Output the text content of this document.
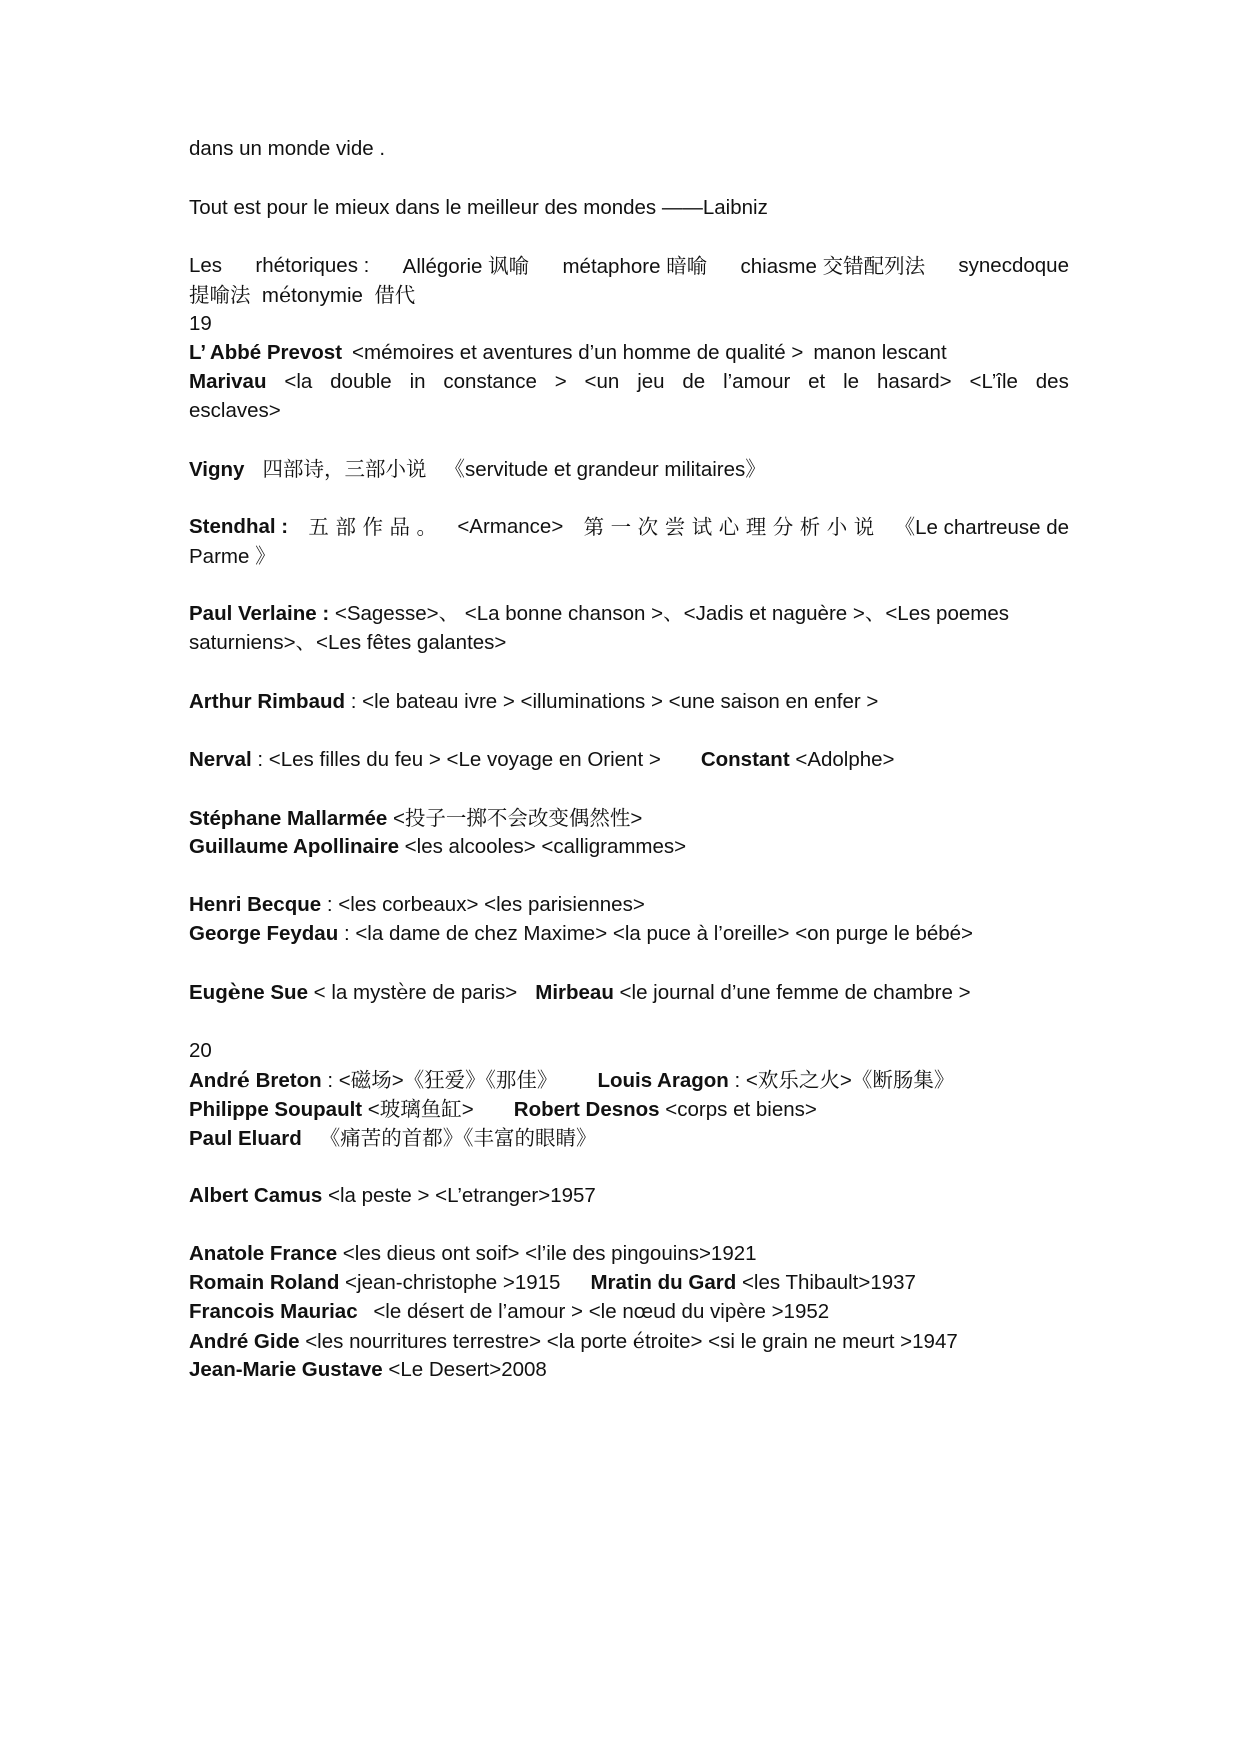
dans un monde vide .
Tout est pour le mieux dans le meilleur des mondes ——Laibniz
Les rhétoriques : Allégorie 讽喻 métaphore 暗喻 chiasme 交错配列法 synecdoque
提喻法 métonymie 借代
19
L’ Abbé Prevost <mémoires et aventures d’un homme de qualité > manon lescant
Marivau <la double in constance > <un jeu de l’amour et le hasard> <L’île des
esclaves>
Vigny 四部诗，三部小说 《servitude et grandeur militaires》
Stendhal : 五 部 作 品 。 <Armance> 第 一 次 尝 试 心 理 分 析 小 说 《Le chartreuse de
Parme 》
Paul Verlaine : <Sagesse>、 <La bonne chanson >、<Jadis et naguère >、<Les poemes
saturniens>、<Les fêtes galantes>
Arthur Rimbaud : <le bateau ivre > <illuminations > <une saison en enfer >
Nerval : <Les filles du feu > <Le voyage en Orient > Constant <Adolphe>
Stéphane Mallarmée <投子一掷不会改变偶然性>
Guillaume Apollinaire <les alcooles> <calligrammes>
Henri Becque : <les corbeaux> <les parisiennes>
George Feydau : <la dame de chez Maxime> <la puce à l’oreille> <on purge le bébé>
Eugène Sue < la mystère de paris> Mirbeau <le journal d’une femme de chambre >
20
André Breton : <磁场>《狂爱》《那佳》 Louis Aragon : <欢乐之火>《断肠集》
Philippe Soupault <玻璃鱼缸> Robert Desnos <corps et biens>
Paul Eluard 《痛苦的首都》《丰富的眼睛》
Albert Camus <la peste > <L’etranger>1957
Anatole France <les dieus ont soif> <l’ile des pingouins>1921
Romain Roland <jean-christophe >1915 Mratin du Gard <les Thibault>1937
Francois Mauriac <le désert de l’amour > <le nœud du vipère >1952
André Gide <les nourritures terrestre> <la porte étroite> <si le grain ne meurt >1947
Jean-Marie Gustave <Le Desert>2008
